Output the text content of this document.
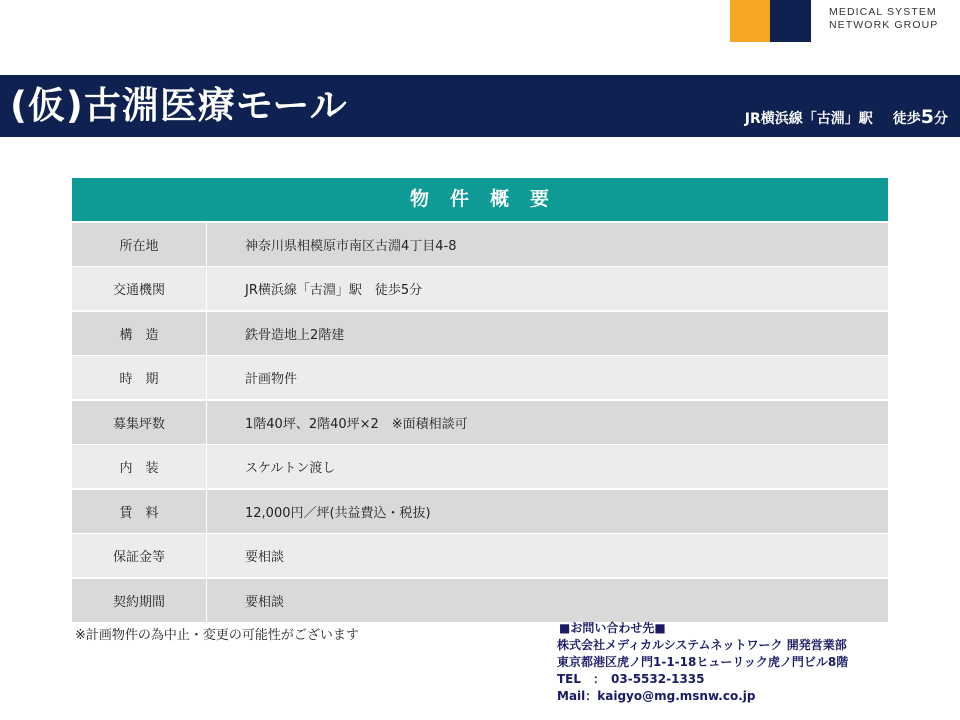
MEDICAL SYSTEM
NETWORK GROUP
(仮)古淵医療モール	JR横浜線「古淵」駅 徒歩5分
物　件　概　要
所在地	神奈川県相模原市南区古淵4丁目4-8
交通機関	JR横浜線「古淵」駅　徒歩5分
構　造	鉄骨造地上2階建
時　期	計画物件
募集坪数	1階40坪、2階40坪×2　※面積相談可
内　装	スケルトン渡し
賃　料	12,000円／坪(共益費込・税抜)
保証金等	要相談
契約期間	要相談
※計画物件の為中止・変更の可能性がございます	■お問い合わせ先■
株式会社メディカルシステムネットワーク 開発営業部
東京都港区虎ノ門1-1-18ヒューリック虎ノ門ビル8階
TEL　：　03-5532-1335
Mail：kaigyo@mg.msnw.co.jp
